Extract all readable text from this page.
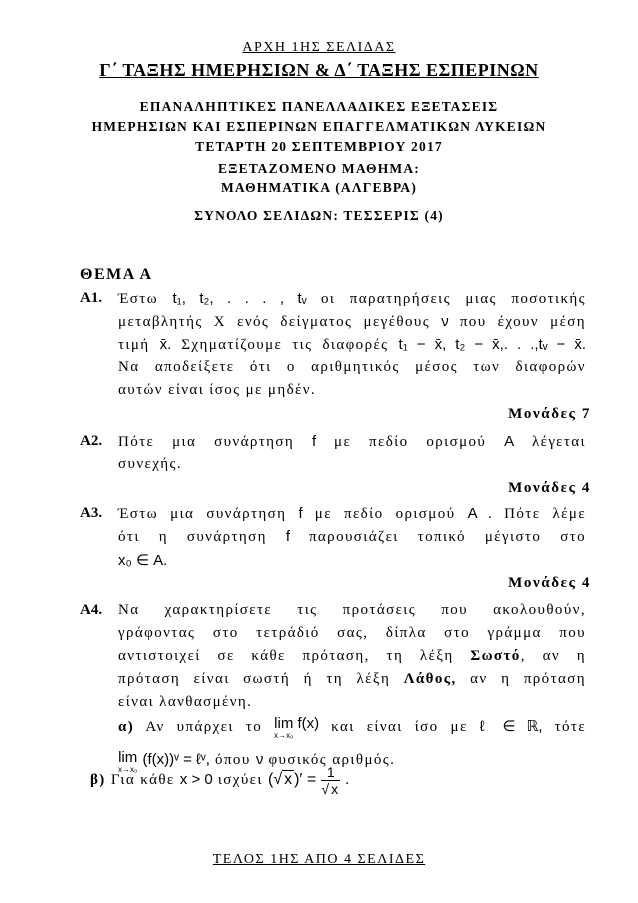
ΑΡΧΗ 1ΗΣ ΣΕΛΙΔΑΣ
Γ΄ ΤΑΞΗΣ ΗΜΕΡΗΣΙΩΝ & Δ΄ ΤΑΞΗΣ ΕΣΠΕΡΙΝΩΝ
ΕΠΑΝΑΛΗΠΤΙΚΕΣ ΠΑΝΕΛΛΑΔΙΚΕΣ ΕΞΕΤΑΣΕΙΣ
ΗΜΕΡΗΣΙΩΝ ΚΑΙ ΕΣΠΕΡΙΝΩΝ ΕΠΑΓΓΕΛΜΑΤΙΚΩΝ ΛΥΚΕΙΩΝ
ΤΕΤΑΡΤΗ 20 ΣΕΠΤΕΜΒΡΙΟΥ 2017
ΕΞΕΤΑΖΟΜΕΝΟ ΜΑΘΗΜΑ:
ΜΑΘΗΜΑΤΙΚΑ (ΑΛΓΕΒΡΑ)
ΣΥΝΟΛΟ ΣΕΛΙΔΩΝ: ΤΕΣΣΕΡΙΣ (4)
ΘΕΜΑ Α
Α1.	Έστω t₁, t₂, . . . , tᵥ οι παρατηρήσεις μιας ποσοτικής
μεταβλητής Χ ενός δείγματος μεγέθους ν που έχουν μέση
τιμή x̄. Σχηματίζουμε τις διαφορές t₁ − x̄, t₂ − x̄,. . .,tᵥ − x̄.
Να αποδείξετε ότι ο αριθμητικός μέσος των διαφορών
αυτών είναι ίσος με μηδέν.
Μονάδες 7
Α2.	Πότε μια συνάρτηση f με πεδίο ορισμού Α λέγεται
συνεχής.
Μονάδες 4
Α3.	Έστω μια συνάρτηση f με πεδίο ορισμού Α . Πότε λέμε
ότι η συνάρτηση f παρουσιάζει τοπικό μέγιστο στο
x₀ ∈ Α.
Μονάδες 4
Α4.	Να χαρακτηρίσετε τις προτάσεις που ακολουθούν,
γράφοντας στο τετράδιό σας, δίπλα στο γράμμα που
αντιστοιχεί σε κάθε πρόταση, τη λέξη Σωστό, αν η
πρόταση είναι σωστή ή τη λέξη Λάθος, αν η πρόταση
είναι λανθασμένη.
α) Αν υπάρχει το lim f(x)
x→x₀
και είναι ίσο με ℓ ∈ ℝ, τότε
lim
x→x₀
(f(x))ᵛ = ℓᵛ, όπου ν φυσικός αριθμός.
β) Για κάθε x > 0 ισχύει (√ x )′ = $\frac{1}{√ x}$ .
ΤΕΛΟΣ 1ΗΣ ΑΠΟ 4 ΣΕΛΙΔΕΣ
